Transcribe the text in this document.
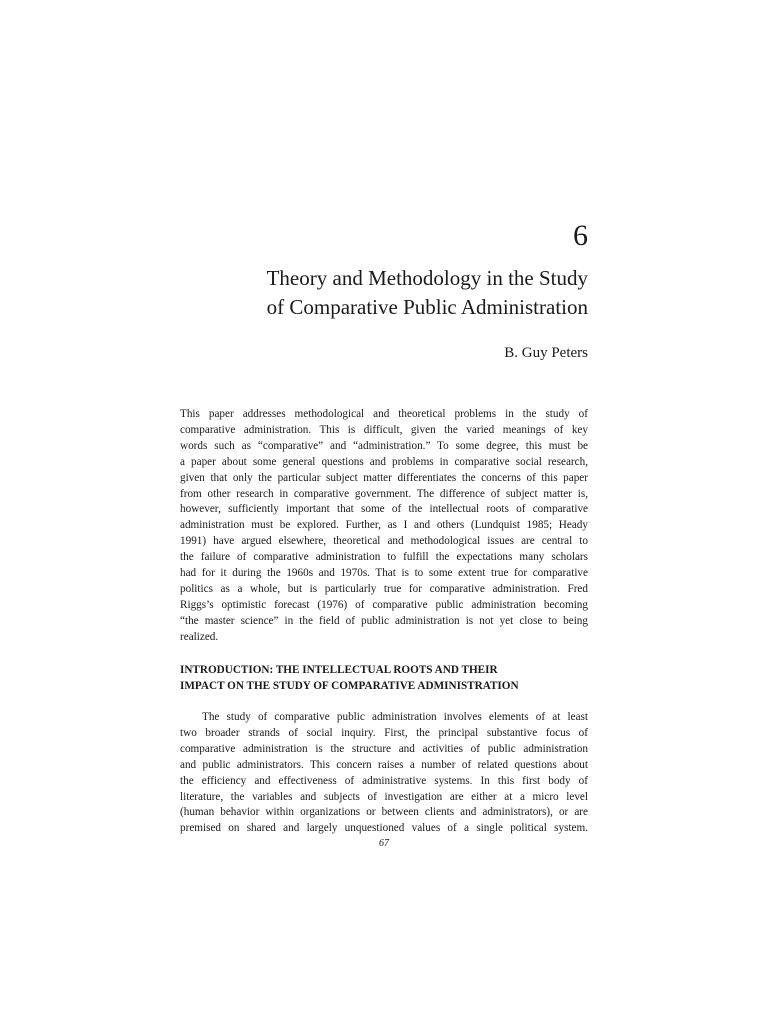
6
Theory and Methodology in the Study
of Comparative Public Administration
B. Guy Peters
This paper addresses methodological and theoretical problems in the study of
comparative administration. This is difficult, given the varied meanings of key
words such as “comparative” and “administration.” To some degree, this must be
a paper about some general questions and problems in comparative social research,
given that only the particular subject matter differentiates the concerns of this paper
from other research in comparative government. The difference of subject matter is,
however, sufficiently important that some of the intellectual roots of comparative
administration must be explored. Further, as I and others (Lundquist 1985; Heady
1991) have argued elsewhere, theoretical and methodological issues are central to
the failure of comparative administration to fulfill the expectations many scholars
had for it during the 1960s and 1970s. That is to some extent true for comparative
politics as a whole, but is particularly true for comparative administration. Fred
Riggs’s optimistic forecast (1976) of comparative public administration becoming
“the master science” in the field of public administration is not yet close to being
realized.
INTRODUCTION: THE INTELLECTUAL ROOTS AND THEIR
IMPACT ON THE STUDY OF COMPARATIVE ADMINISTRATION
The study of comparative public administration involves elements of at least
two broader strands of social inquiry. First, the principal substantive focus of
comparative administration is the structure and activities of public administration
and public administrators. This concern raises a number of related questions about
the efficiency and effectiveness of administrative systems. In this first body of
literature, the variables and subjects of investigation are either at a micro level
(human behavior within organizations or between clients and administrators), or are
premised on shared and largely unquestioned values of a single political system.
67
